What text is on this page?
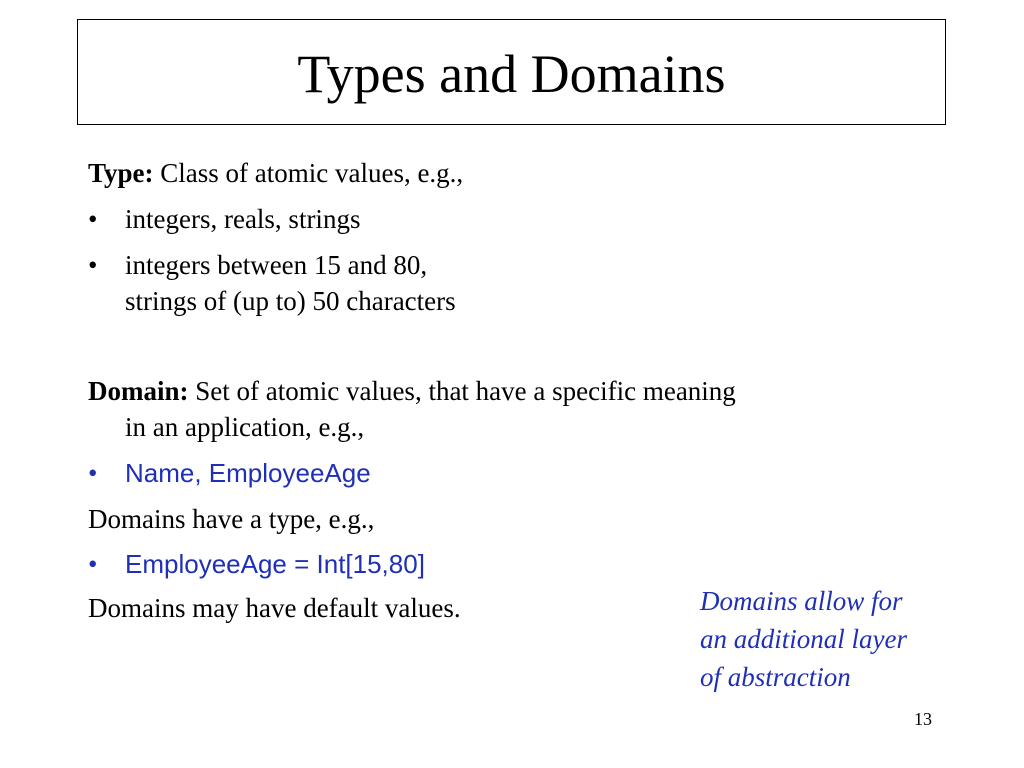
Types and Domains
Type: Class of atomic values, e.g.,
• integers, reals, strings
• integers between 15 and 80,
strings of (up to) 50 characters
Domain: Set of atomic values, that have a specific meaning
in an application, e.g.,
• Name, EmployeeAge
Domains have a type, e.g.,
• EmployeeAge = Int[15,80]
Domains may have default values.	Domains allow for
an additional layer
of abstraction
13
